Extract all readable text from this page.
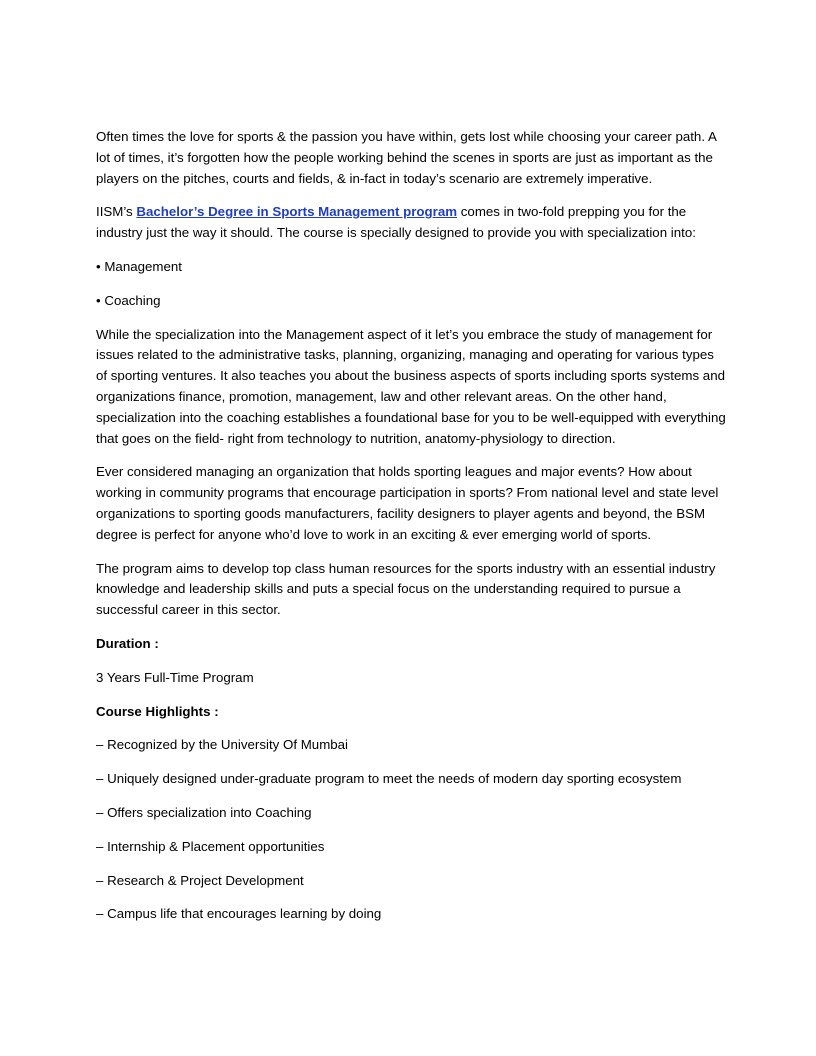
Often times the love for sports & the passion you have within, gets lost while choosing your career path. A lot of times, it’s forgotten how the people working behind the scenes in sports are just as important as the players on the pitches, courts and fields, & in-fact in today’s scenario are extremely imperative.

IISM’s Bachelor’s Degree in Sports Management program comes in two-fold prepping you for the industry just the way it should. The course is specially designed to provide you with specialization into:

• Management

• Coaching

While the specialization into the Management aspect of it let’s you embrace the study of management for issues related to the administrative tasks, planning, organizing, managing and operating for various types of sporting ventures. It also teaches you about the business aspects of sports including sports systems and organizations finance, promotion, management, law and other relevant areas. On the other hand, specialization into the coaching establishes a foundational base for you to be well-equipped with everything that goes on the field- right from technology to nutrition, anatomy-physiology to direction.

Ever considered managing an organization that holds sporting leagues and major events? How about working in community programs that encourage participation in sports? From national level and state level organizations to sporting goods manufacturers, facility designers to player agents and beyond, the BSM degree is perfect for anyone who’d love to work in an exciting & ever emerging world of sports.

The program aims to develop top class human resources for the sports industry with an essential industry knowledge and leadership skills and puts a special focus on the understanding required to pursue a successful career in this sector.

Duration :

3 Years Full-Time Program

Course Highlights :

– Recognized by the University Of Mumbai

– Uniquely designed under-graduate program to meet the needs of modern day sporting ecosystem

– Offers specialization into Coaching

– Internship & Placement opportunities

– Research & Project Development

– Campus life that encourages learning by doing
